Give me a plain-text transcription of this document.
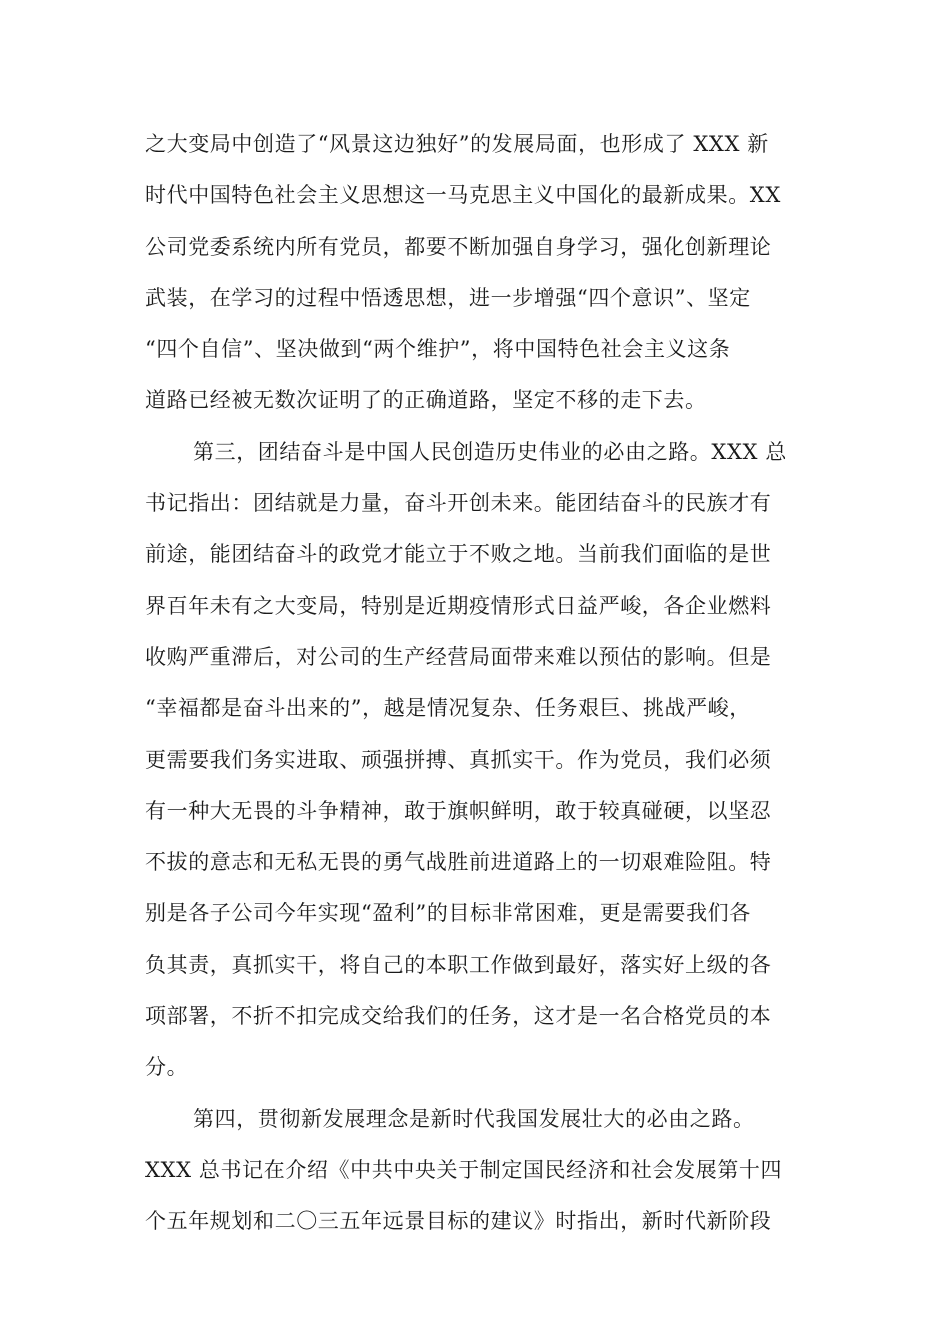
之大变局中创造了“风景这边独好”的发展局面，也形成了 XXX 新
时代中国特色社会主义思想这一马克思主义中国化的最新成果。XX
公司党委系统内所有党员，都要不断加强自身学习，强化创新理论
武装，在学习的过程中悟透思想，进一步增强“四个意识”、坚定
“四个自信”、坚决做到“两个维护”，将中国特色社会主义这条
道路已经被无数次证明了的正确道路，坚定不移的走下去。
第三，团结奋斗是中国人民创造历史伟业的必由之路。XXX 总
书记指出：团结就是力量，奋斗开创未来。能团结奋斗的民族才有
前途，能团结奋斗的政党才能立于不败之地。当前我们面临的是世
界百年未有之大变局，特别是近期疫情形式日益严峻，各企业燃料
收购严重滞后，对公司的生产经营局面带来难以预估的影响。但是
“幸福都是奋斗出来的”，越是情况复杂、任务艰巨、挑战严峻，
更需要我们务实进取、顽强拼搏、真抓实干。作为党员，我们必须
有一种大无畏的斗争精神，敢于旗帜鲜明，敢于较真碰硬，以坚忍
不拔的意志和无私无畏的勇气战胜前进道路上的一切艰难险阻。特
别是各子公司今年实现“盈利”的目标非常困难，更是需要我们各
负其责，真抓实干，将自己的本职工作做到最好，落实好上级的各
项部署，不折不扣完成交给我们的任务，这才是一名合格党员的本
分。
第四，贯彻新发展理念是新时代我国发展壮大的必由之路。
XXX 总书记在介绍《中共中央关于制定国民经济和社会发展第十四
个五年规划和二〇三五年远景目标的建议》时指出，新时代新阶段
